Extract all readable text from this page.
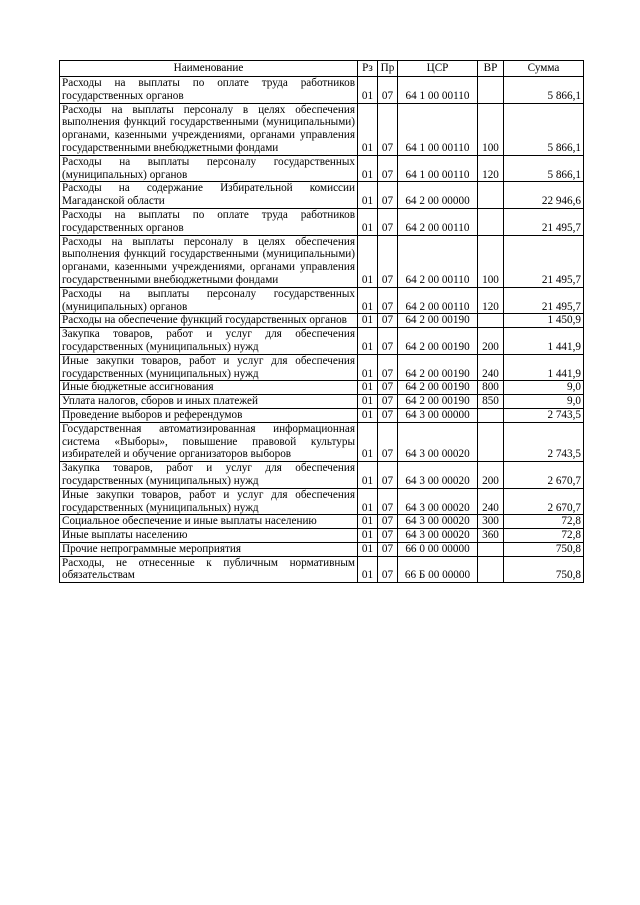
Наименование	Рз	Пр	ЦСР	ВР	Сумма
Расходы на выплаты по оплате труда работников государственных органов	01	07	64 1 00 00110		5 866,1
Расходы на выплаты персоналу в целях обеспечения выполнения функций государственными (муниципальными) органами, казенными учреждениями, органами управления государственными внебюджетными фондами	01	07	64 1 00 00110	100	5 866,1
Расходы на выплаты персоналу государственных (муниципальных) органов	01	07	64 1 00 00110	120	5 866,1
Расходы на содержание Избирательной комиссии Магаданской области	01	07	64 2 00 00000		22 946,6
Расходы на выплаты по оплате труда работников государственных органов	01	07	64 2 00 00110		21 495,7
Расходы на выплаты персоналу в целях обеспечения выполнения функций государственными (муниципальными) органами, казенными учреждениями, органами управления государственными внебюджетными фондами	01	07	64 2 00 00110	100	21 495,7
Расходы на выплаты персоналу государственных (муниципальных) органов	01	07	64 2 00 00110	120	21 495,7
Расходы на обеспечение функций государственных органов	01	07	64 2 00 00190		1 450,9
Закупка товаров, работ и услуг для обеспечения государственных (муниципальных) нужд	01	07	64 2 00 00190	200	1 441,9
Иные закупки товаров, работ и услуг для обеспечения государственных (муниципальных) нужд	01	07	64 2 00 00190	240	1 441,9
Иные бюджетные ассигнования	01	07	64 2 00 00190	800	9,0
Уплата налогов, сборов и иных платежей	01	07	64 2 00 00190	850	9,0
Проведение выборов и референдумов	01	07	64 3 00 00000		2 743,5
Государственная автоматизированная информационная система «Выборы», повышение правовой культуры избирателей и обучение организаторов выборов	01	07	64 3 00 00020		2 743,5
Закупка товаров, работ и услуг для обеспечения государственных (муниципальных) нужд	01	07	64 3 00 00020	200	2 670,7
Иные закупки товаров, работ и услуг для обеспечения государственных (муниципальных) нужд	01	07	64 3 00 00020	240	2 670,7
Социальное обеспечение и иные выплаты населению	01	07	64 3 00 00020	300	72,8
Иные выплаты населению	01	07	64 3 00 00020	360	72,8
Прочие непрограммные мероприятия	01	07	66 0 00 00000		750,8
Расходы, не отнесенные к публичным нормативным обязательствам	01	07	66 Б 00 00000		750,8
